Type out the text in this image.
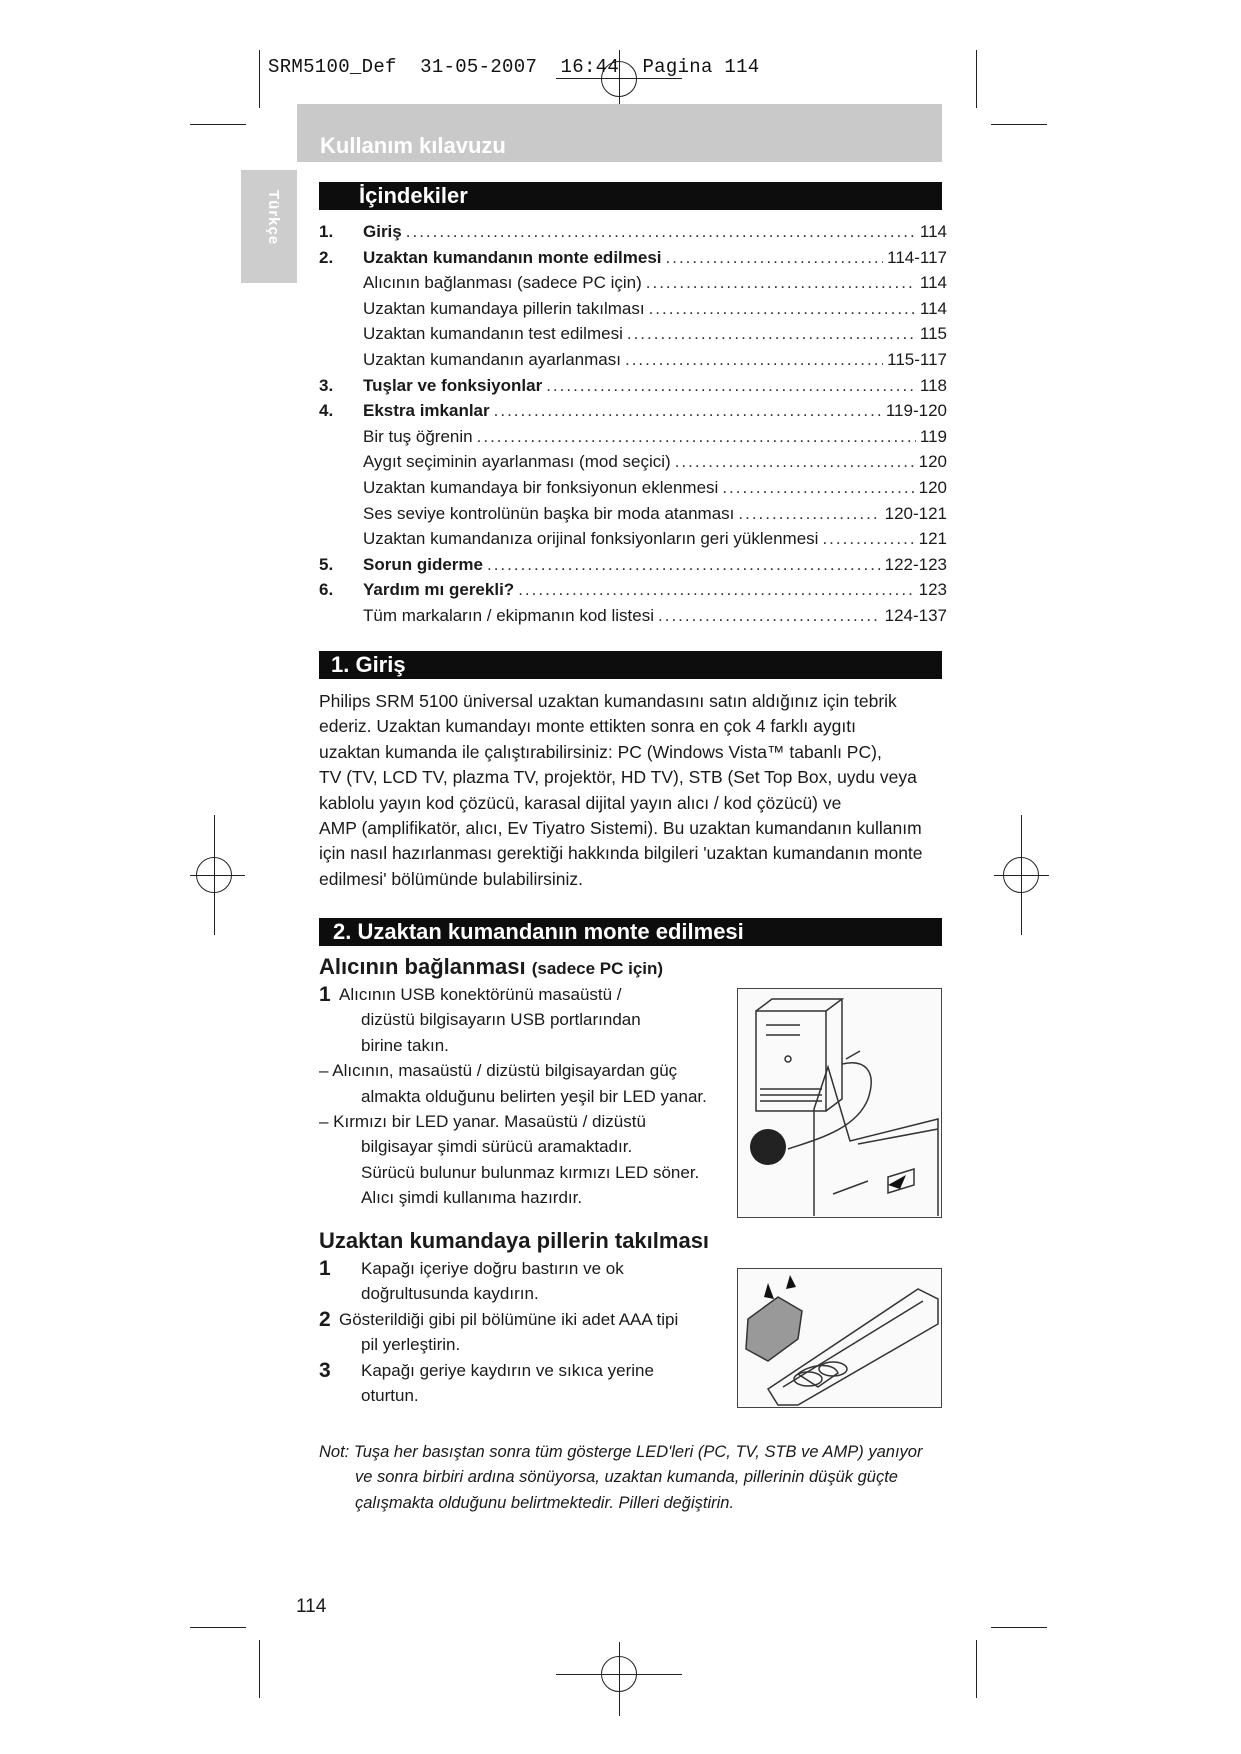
SRM5100_Def  31-05-2007  16:44  Pagina 114
Kullanım kılavuzu
Türkçe	İçindekiler
1.	Giriş .....	114
2.	Uzaktan kumandanın monte edilmesi .....	114-117
Alıcının bağlanması (sadece PC için) .....	114
Uzaktan kumandaya pillerin takılması .....	114
Uzaktan kumandanın test edilmesi .....	115
Uzaktan kumandanın ayarlanması .....	115-117
3.	Tuşlar ve fonksiyonlar .....	118
4.	Ekstra imkanlar .....	119-120
Bir tuş öğrenin .....	119
Aygıt seçiminin ayarlanması (mod seçici) .....	120
Uzaktan kumandaya bir fonksiyonun eklenmesi .....	120
Ses seviye kontrolünün başka bir moda atanması .....	120-121
Uzaktan kumandanıza orijinal fonksiyonların geri yüklenmesi .....	121
5.	Sorun giderme .....	122-123
6.	Yardım mı gerekli? .....	123
Tüm markaların / ekipmanın kod listesi .....	124-137
1. Giriş

Philips SRM 5100 üniversal uzaktan kumandasını satın aldığınız için tebrik

ederiz. Uzaktan kumandayı monte ettikten sonra en çok 4 farklı aygıtı

uzaktan kumanda ile çalıştırabilirsiniz: PC (Windows Vista™ tabanlı PC),

TV (TV, LCD TV, plazma TV, projektör, HD TV), STB (Set Top Box, uydu veya

kablolu yayın kod çözücü, karasal dijital yayın alıcı / kod çözücü) ve

AMP (amplifikatör, alıcı, Ev Tiyatro Sistemi). Bu uzaktan kumandanın kullanım

için nasıl hazırlanması gerektiği hakkında bilgileri 'uzaktan kumandanın monte

edilmesi' bölümünde bulabilirsiniz.

2. Uzaktan kumandanın monte edilmesi
Alıcının bağlanması (sadece PC için)
1 Alıcının USB konektörünü masaüstü /
dizüstü bilgisayarın USB portlarından
birine takın.
– Alıcının, masaüstü / dizüstü bilgisayardan güç
almakta olduğunu belirten yeşil bir LED yanar.
– Kırmızı bir LED yanar. Masaüstü / dizüstü
bilgisayar şimdi sürücü aramaktadır.
Sürücü bulunur bulunmaz kırmızı LED söner.
Alıcı şimdi kullanıma hazırdır.
Uzaktan kumandaya pillerin takılması
1	Kapağı içeriye doğru bastırın ve ok
doğrultusunda kaydırın.
2 Gösterildiği gibi pil bölümüne iki adet AAA tipi
pil yerleştirin.
3	Kapağı geriye kaydırın ve sıkıca yerine
oturtun.

Not: Tuşa her basıştan sonra tüm gösterge LED'leri (PC, TV, STB ve AMP) yanıyor

ve sonra birbiri ardına sönüyorsa, uzaktan kumanda, pillerinin düşük güçte

çalışmakta olduğunu belirtmektedir. Pilleri değiştirin.

114
